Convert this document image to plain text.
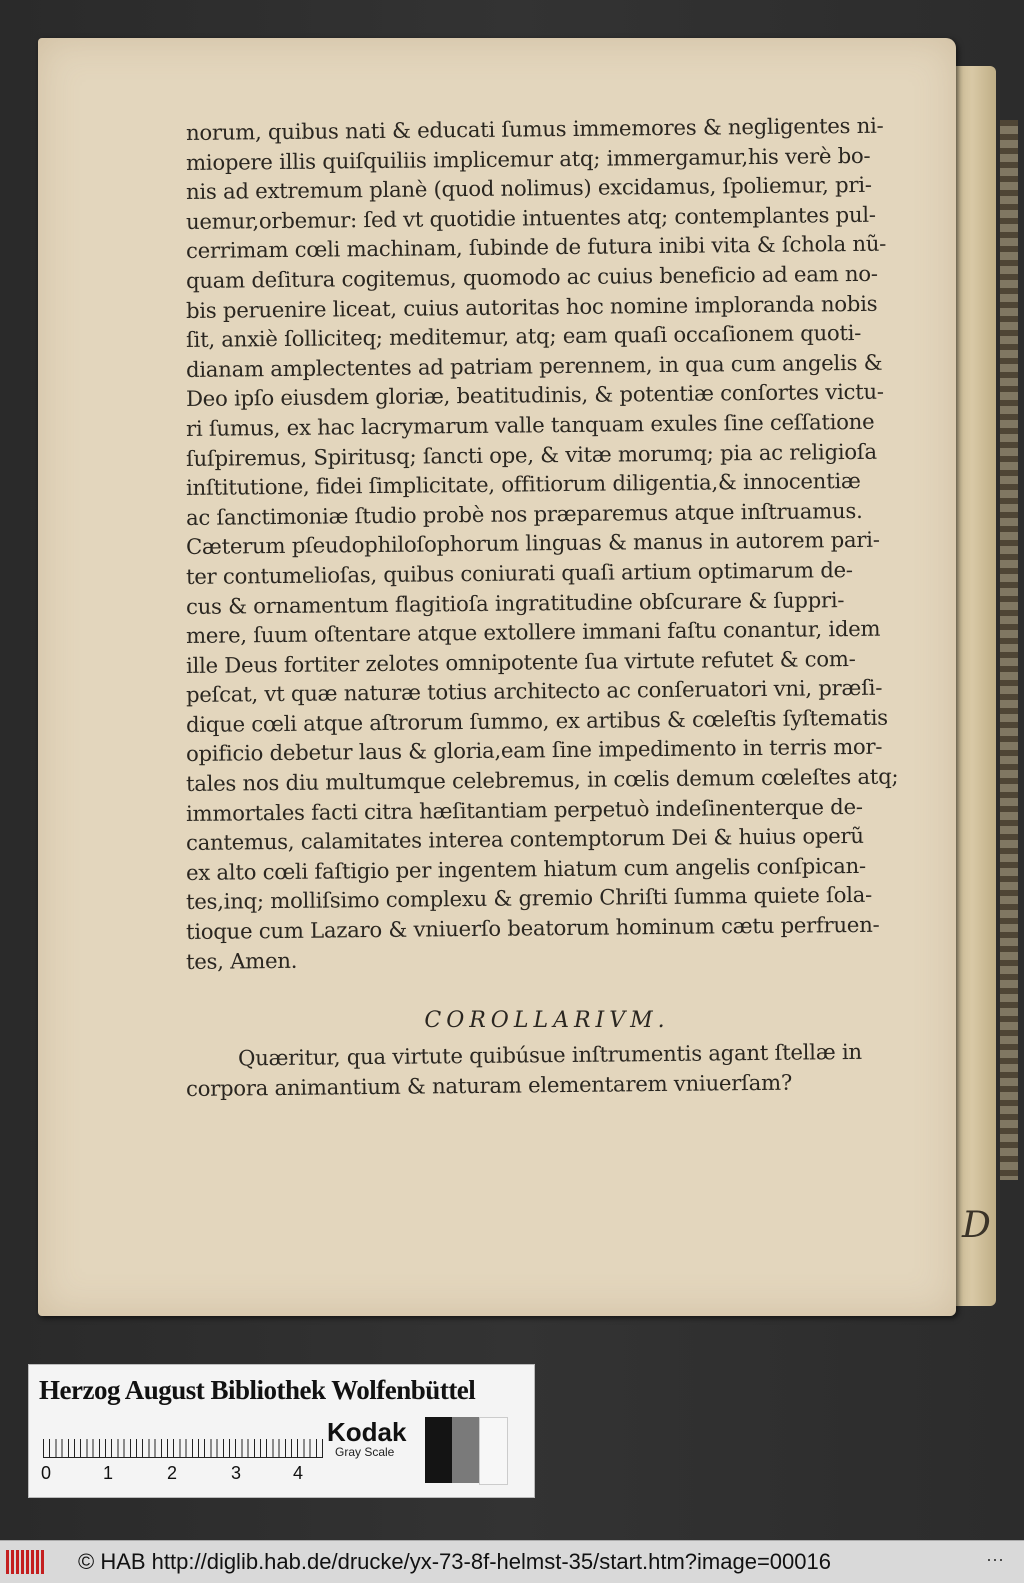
D
norum, quibus nati & educati ſumus immemores & negligentes ni-
miopere illis quiſquiliis implicemur atq; immergamur,his verè bo-
nis ad extremum planè (quod nolimus) excidamus, ſpoliemur, pri-
uemur,orbemur: ſed vt quotidie intuentes atq; contemplantes pul-
cerrimam cœli machinam, ſubinde de futura inibi vita & ſchola nũ-
quam deſitura cogitemus, quomodo ac cuius beneficio ad eam no-
bis peruenire liceat, cuius autoritas hoc nomine imploranda nobis
ſit, anxiè ſolliciteq; meditemur, atq; eam quaſi occaſionem quoti-
dianam amplectentes ad patriam perennem, in qua cum angelis &
Deo ipſo eiusdem gloriæ, beatitudinis, & potentiæ conſortes victu-
ri ſumus, ex hac lacrymarum valle tanquam exules ſine ceſſatione
ſuſpiremus, Spiritusq; ſancti ope, & vitæ morumq; pia ac religioſa
inſtitutione, fidei ſimplicitate, offitiorum diligentia,& innocentiæ
ac ſanctimoniæ ſtudio probè nos præparemus atque inſtruamus.
Cæterum pſeudophiloſophorum linguas & manus in autorem pari-
ter contumelioſas, quibus coniurati quaſi artium optimarum de-
cus & ornamentum flagitioſa ingratitudine obſcurare & ſuppri-
mere, ſuum oſtentare atque extollere immani faſtu conantur, idem
ille Deus fortiter zelotes omnipotente ſua virtute refutet & com-
peſcat, vt quæ naturæ totius architecto ac conſeruatori vni, præſi-
dique cœli atque aſtrorum ſummo, ex artibus & cœleſtis ſyſtematis
opificio debetur laus & gloria,eam ſine impedimento in terris mor-
tales nos diu multumque celebremus, in cœlis demum cœleſtes atq;
immortales facti citra hæſitantiam perpetuò indeſinenterque de-
cantemus, calamitates interea contemptorum Dei & huius operũ
ex alto cœli faſtigio per ingentem hiatum cum angelis conſpican-
tes,inq; molliſsimo complexu & gremio Chriſti ſumma quiete ſola-
tioque cum Lazaro & vniuerſo beatorum hominum cætu perfruen-
tes, Amen.
COROLLARIVM.
Quæritur, qua virtute quibúsue inſtrumentis agant ſtellæ in
corpora animantium & naturam elementarem vniuerſam?
Herzog August Bibliothek Wolfenbüttel
0	1	2	3	4
Kodak
Gray Scale
© HAB http://diglib.hab.de/drucke/yx-73-8f-helmst-35/start.htm?image=00016	···
